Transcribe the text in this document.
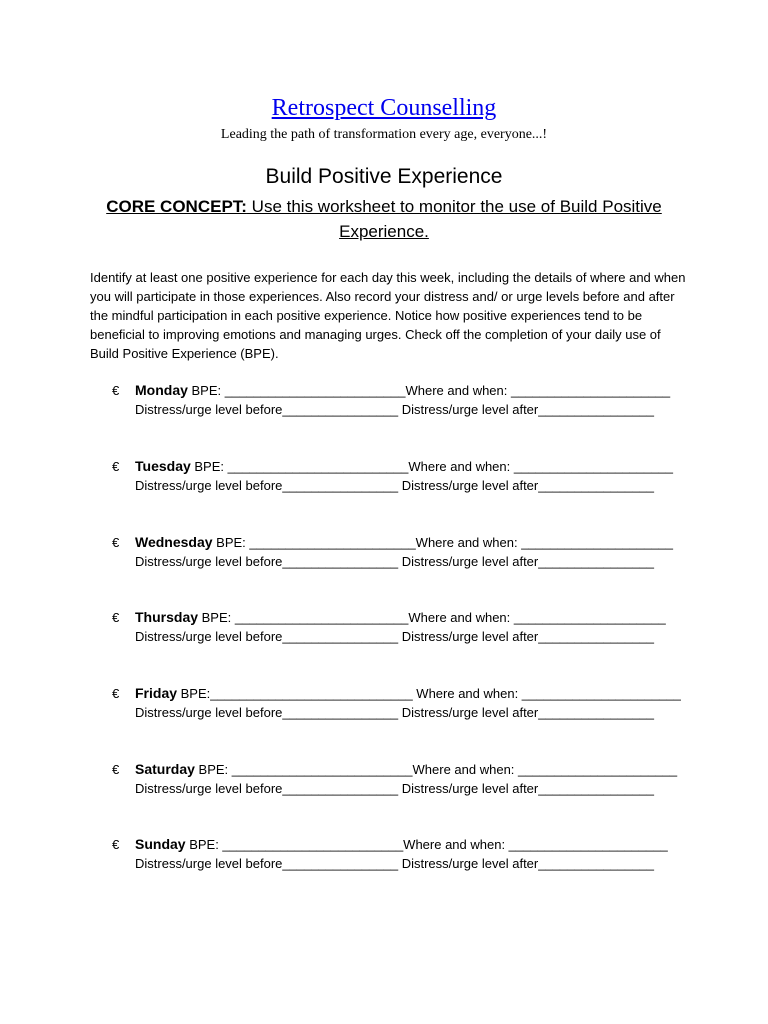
Retrospect Counselling
Leading the path of transformation every age, everyone...!
Build Positive Experience
CORE CONCEPT: Use this worksheet to monitor the use of Build Positive Experience.
Identify at least one positive experience for each day this week, including the details of where and when you will participate in those experiences. Also record your distress and/ or urge levels before and after the mindful participation in each positive experience. Notice how positive experiences tend to be beneficial to improving emotions and managing urges. Check off the completion of your daily use of Build Positive Experience (BPE).
€	Monday BPE: _________________________Where and when: ______________________
Distress/urge level before________________ Distress/urge level after________________
€	Tuesday BPE: _________________________Where and when: ______________________
Distress/urge level before________________ Distress/urge level after________________
€	Wednesday BPE: _______________________Where and when: _____________________
Distress/urge level before________________ Distress/urge level after________________
€	Thursday BPE: ________________________Where and when: _____________________
Distress/urge level before________________ Distress/urge level after________________
€	Friday BPE:____________________________ Where and when: ______________________
Distress/urge level before________________ Distress/urge level after________________
€	Saturday BPE: _________________________Where and when: ______________________
Distress/urge level before________________ Distress/urge level after________________
€	Sunday BPE: _________________________Where and when: ______________________
Distress/urge level before________________ Distress/urge level after________________
